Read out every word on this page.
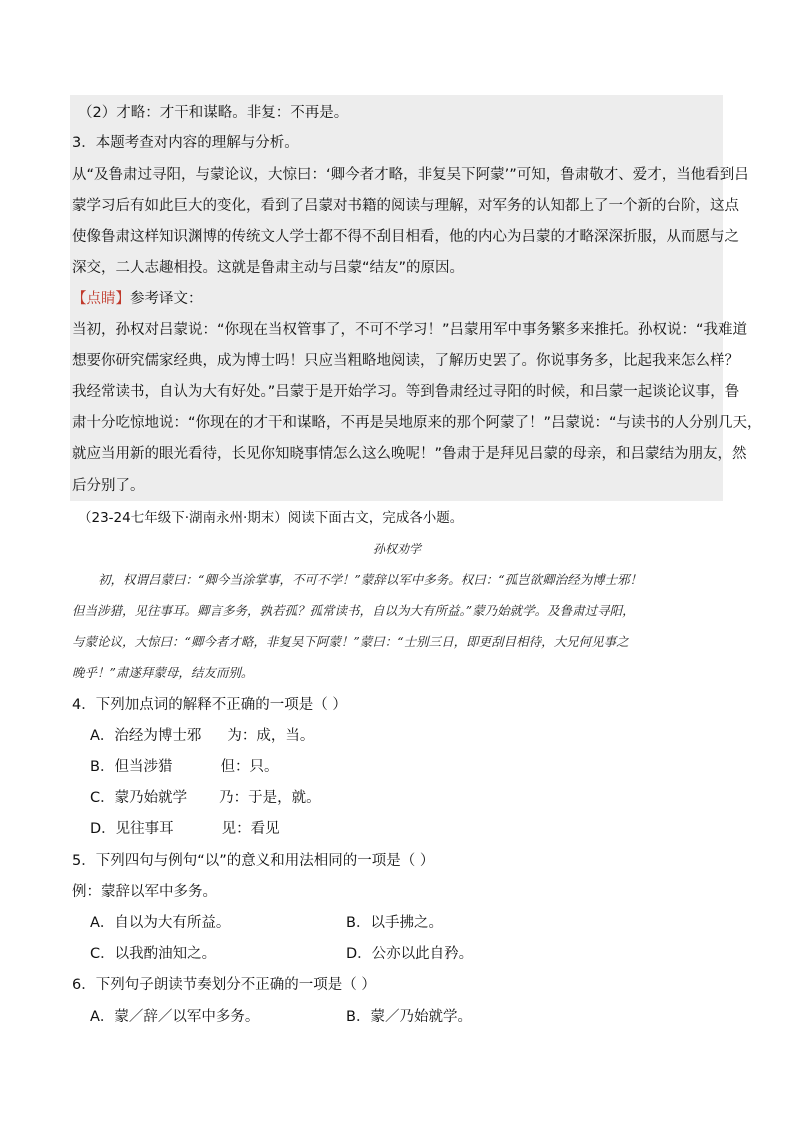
（2）才略：才干和谋略。非复：不再是。
3．本题考查对内容的理解与分析。
从“及鲁肃过寻阳，与蒙论议，大惊曰：‘卿今者才略，非复吴下阿蒙’”可知，鲁肃敬才、爱才，当他看到吕
蒙学习后有如此巨大的变化，看到了吕蒙对书籍的阅读与理解，对军务的认知都上了一个新的台阶，这点
使像鲁肃这样知识渊博的传统文人学士都不得不刮目相看，他的内心为吕蒙的才略深深折服，从而愿与之
深交，二人志趣相投。这就是鲁肃主动与吕蒙“结友”的原因。
【点睛】参考译文：
当初，孙权对吕蒙说：“你现在当权管事了，不可不学习！”吕蒙用军中事务繁多来推托。孙权说：“我难道
想要你研究儒家经典，成为博士吗！只应当粗略地阅读，了解历史罢了。你说事务多，比起我来怎么样？
我经常读书，自认为大有好处。”吕蒙于是开始学习。等到鲁肃经过寻阳的时候，和吕蒙一起谈论议事，鲁
肃十分吃惊地说：“你现在的才干和谋略，不再是吴地原来的那个阿蒙了！”吕蒙说：“与读书的人分别几天，
就应当用新的眼光看待，长见你知晓事情怎么这么晚呢！”鲁肃于是拜见吕蒙的母亲，和吕蒙结为朋友，然
后分别了。
（23-24七年级下·湖南永州·期末）阅读下面古文，完成各小题。
孙权劝学
初，权谓吕蒙曰：“卿今当涂掌事，不可不学！”蒙辞以军中多务。权曰：“孤岂欲卿治经为博士邪！
但当涉猎，见往事耳。卿言多务，孰若孤？孤常读书，自以为大有所益。”蒙乃始就学。及鲁肃过寻阳，
与蒙论议，大惊曰：“卿今者才略，非复吴下阿蒙！”蒙曰：“士别三日，即更刮目相待，大兄何见事之
晚乎！”肃遂拜蒙母，结友而别。
4．下列加点词的解释不正确的一项是（ ）
A．治经为博士邪 为：成，当。
B．但当涉猎	但：只。
C．蒙乃始就学 乃：于是，就。
D．见往事耳	见：看见
5．下列四句与例句“以”的意义和用法相同的一项是（ ）
例：蒙辞以军中多务。
A．自以为大有所益。	B．以手拂之。
C．以我酌油知之。	D．公亦以此自矜。
6．下列句子朗读节奏划分不正确的一项是（ ）
A．蒙／辞／以军中多务。	B．蒙／乃始就学。
